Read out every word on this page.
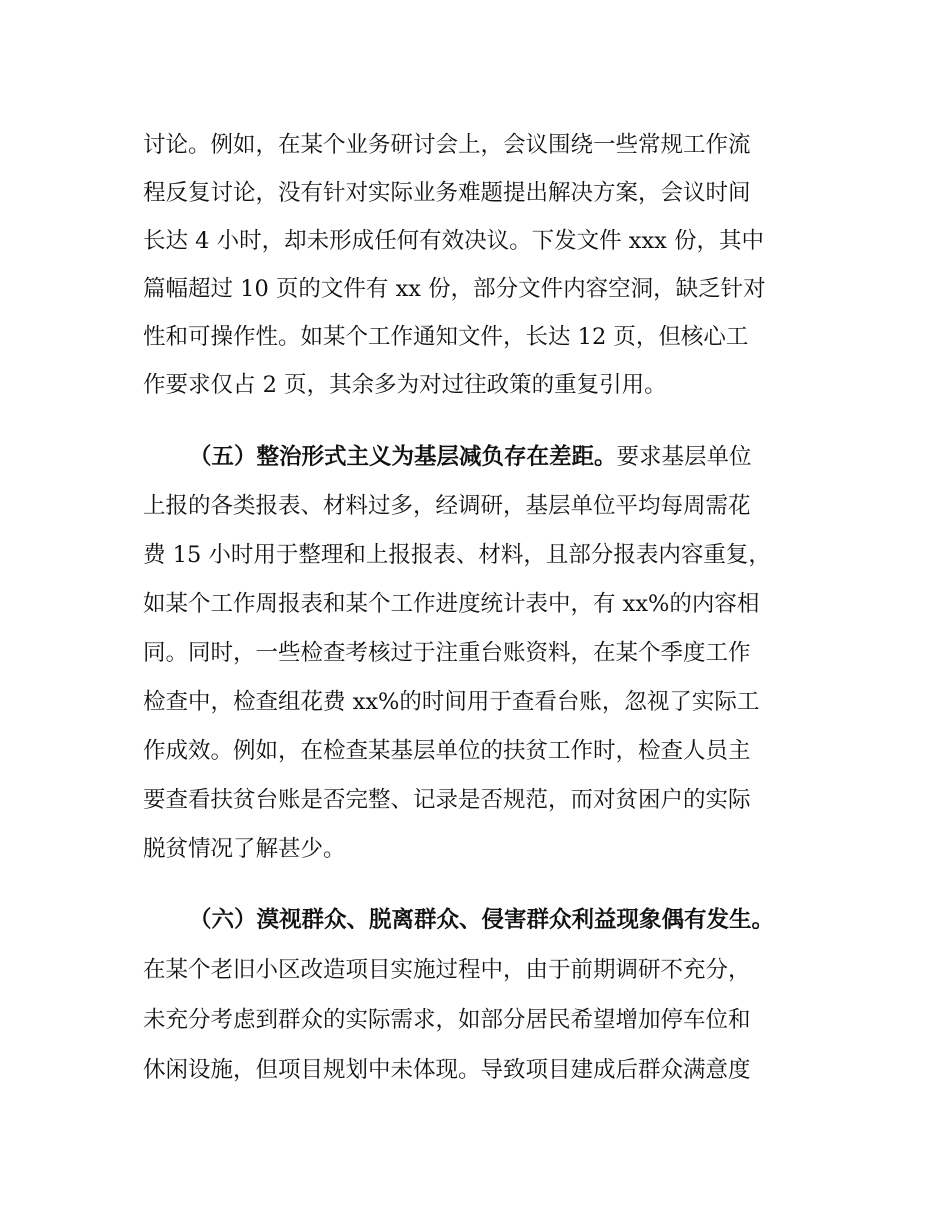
讨论。例如，在某个业务研讨会上，会议围绕一些常规工作流
程反复讨论，没有针对实际业务难题提出解决方案，会议时间
长达 4 小时，却未形成任何有效决议。下发文件 xxx 份，其中
篇幅超过 10 页的文件有 xx 份，部分文件内容空洞，缺乏针对
性和可操作性。如某个工作通知文件，长达 12 页，但核心工
作要求仅占 2 页，其余多为对过往政策的重复引用。
（五）整治形式主义为基层减负存在差距。要求基层单位
上报的各类报表、材料过多，经调研，基层单位平均每周需花
费 15 小时用于整理和上报报表、材料，且部分报表内容重复，
如某个工作周报表和某个工作进度统计表中，有 xx%的内容相
同。同时，一些检查考核过于注重台账资料，在某个季度工作
检查中，检查组花费 xx%的时间用于查看台账，忽视了实际工
作成效。例如，在检查某基层单位的扶贫工作时，检查人员主
要查看扶贫台账是否完整、记录是否规范，而对贫困户的实际
脱贫情况了解甚少。
（六）漠视群众、脱离群众、侵害群众利益现象偶有发生。
在某个老旧小区改造项目实施过程中，由于前期调研不充分，
未充分考虑到群众的实际需求，如部分居民希望增加停车位和
休闲设施，但项目规划中未体现。导致项目建成后群众满意度
